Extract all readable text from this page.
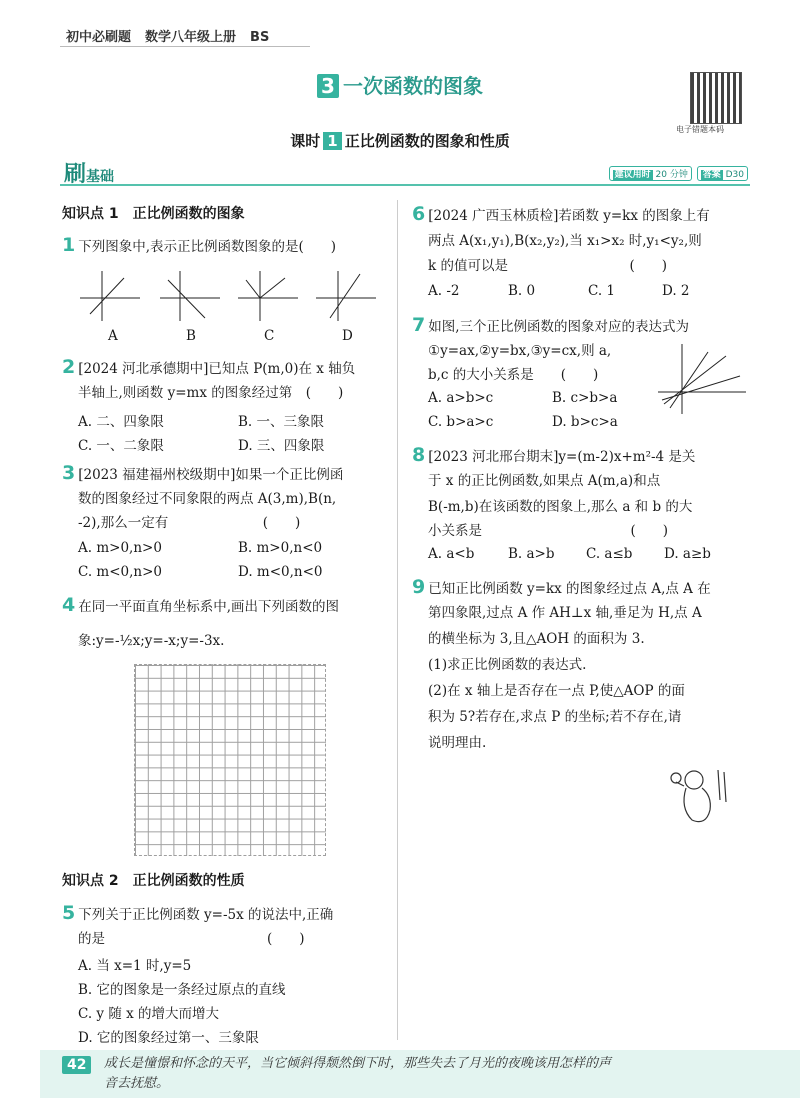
初中必刷题 数学八年级上册 BS
3 一次函数的图象
电子错题本码
课时 1 正比例函数的图象和性质
刷基础	建议用时 20 分钟 答案 D30
知识点 1　正比例函数的图象
1 下列图象中,表示正比例函数图象的是(　　)
A	B	C	D
2 [2024 河北承德期中]已知点 P(m,0)在 x 轴负
半轴上,则函数 y=mx 的图象经过第　(　　)
A. 二、四象限	B. 一、三象限
C. 一、二象限	D. 三、四象限
3 [2023 福建福州校级期中]如果一个正比例函
数的图象经过不同象限的两点 A(3,m),B(n,
-2),那么一定有　　　　　　　(　　)
A. m>0,n>0	B. m>0,n<0
C. m<0,n>0	D. m<0,n<0
4 在同一平面直角坐标系中,画出下列函数的图
象:y=-½x;y=-x;y=-3x.
知识点 2　正比例函数的性质
5 下列关于正比例函数 y=-5x 的说法中,正确
的是　　　　　　　　　　　　(　　)
A. 当 x=1 时,y=5
B. 它的图象是一条经过原点的直线
C. y 随 x 的增大而增大
D. 它的图象经过第一、三象限
6 [2024 广西玉林质检]若函数 y=kx 的图象上有
两点 A(x₁,y₁),B(x₂,y₂),当 x₁>x₂ 时,y₁<y₂,则
k 的值可以是　　　　　　　　　(　　)
A. -2	B. 0	C. 1	D. 2
7 如图,三个正比例函数的图象对应的表达式为
①y=ax,②y=bx,③y=cx,则 a,
b,c 的大小关系是　　(　　)
A. a>b>c	B. c>b>a
C. b>a>c	D. b>c>a
8 [2023 河北邢台期末]y=(m-2)x+m²-4 是关
于 x 的正比例函数,如果点 A(m,a)和点
B(-m,b)在该函数的图象上,那么 a 和 b 的大
小关系是　　　　　　　　　　　(　　)
A. a<b B. a>b C. a≤b D. a≥b
9 已知正比例函数 y=kx 的图象经过点 A,点 A 在
第四象限,过点 A 作 AH⊥x 轴,垂足为 H,点 A
的横坐标为 3,且△AOH 的面积为 3.
(1)求正比例函数的表达式.
(2)在 x 轴上是否存在一点 P,使△AOP 的面
积为 5?若存在,求点 P 的坐标;若不存在,请
说明理由.
42	成长是憧憬和怀念的天平，当它倾斜得颓然倒下时，那些失去了月光的夜晚该用怎样的声
音去抚慰。
